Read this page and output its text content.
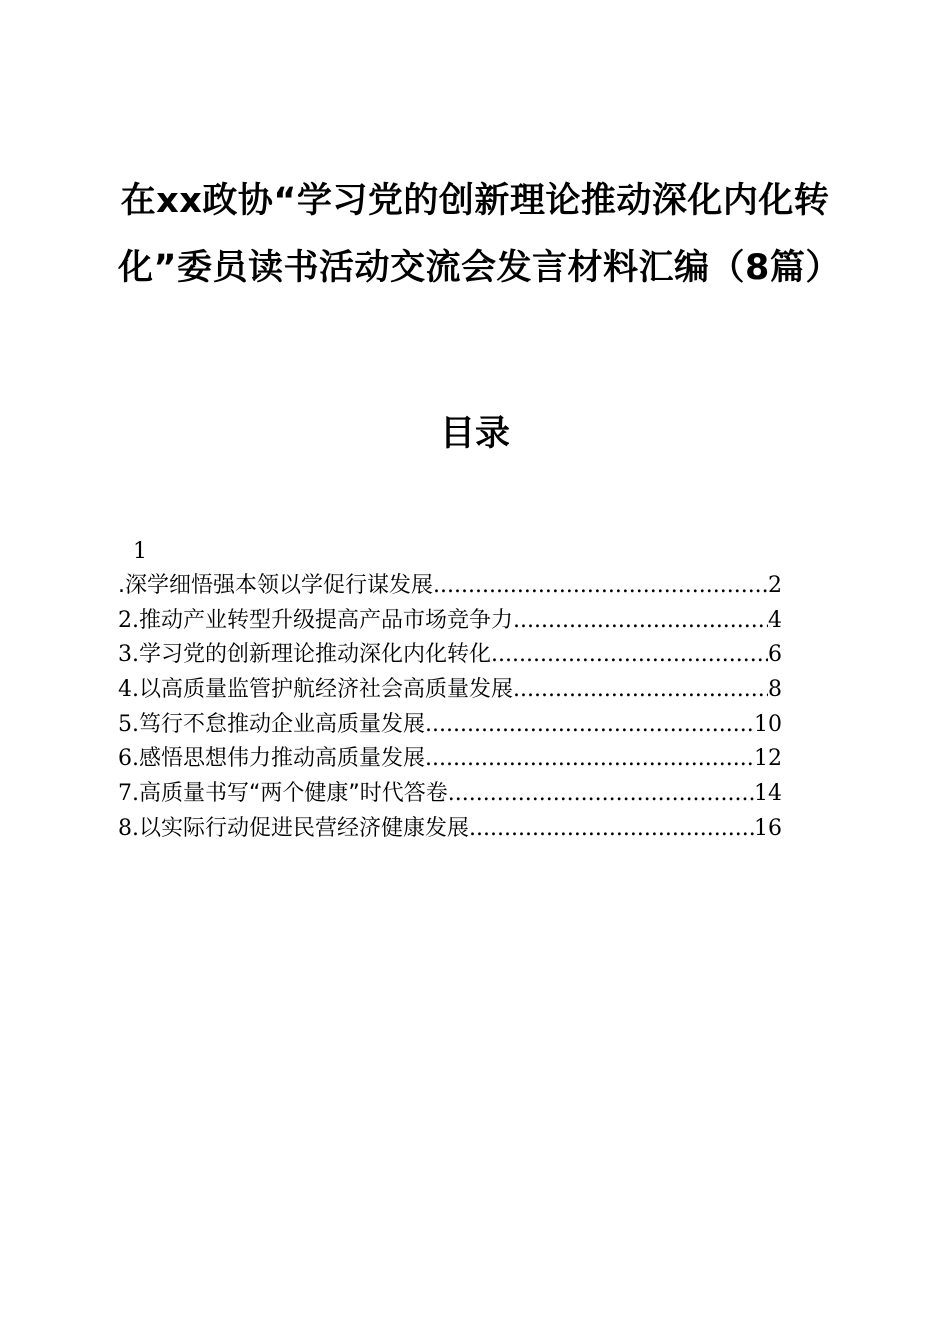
在xx政协“学习党的创新理论推动深化内化转化”委员读书活动交流会发言材料汇编（8篇）
目录
1
.深学细悟强本领以学促行谋发展 .....	2
2. 推动产业转型升级提高产品市场竞争力 .....	4
3. 学习党的创新理论推动深化内化转化 .....	6
4. 以高质量监管护航经济社会高质量发展 .....	8
5. 笃行不怠推动企业高质量发展 .....	10
6. 感悟思想伟力推动高质量发展 .....	12
7. 高质量书写“两个健康”时代答卷 .....	14
8. 以实际行动促进民营经济健康发展 .....	16
